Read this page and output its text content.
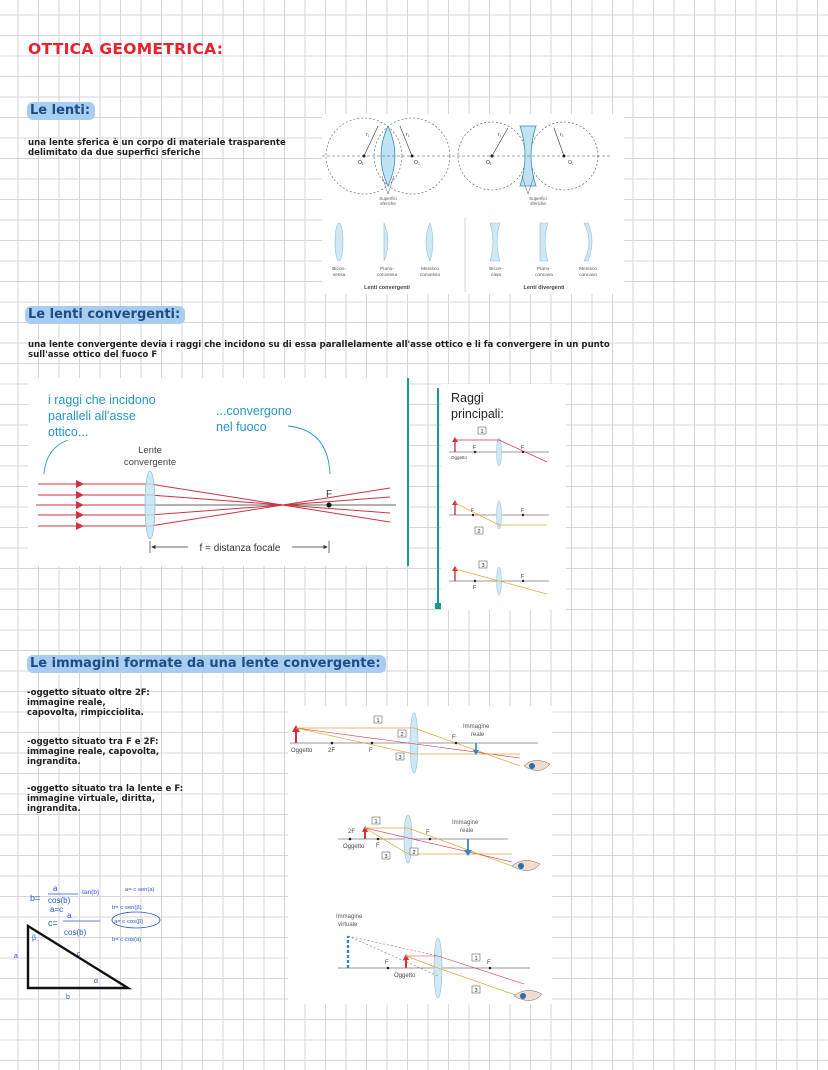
OTTICA GEOMETRICA:
Le lenti:
una lente sferica è un corpo di materiale trasparente delimitato da due superfici sferiche
r₁	r₂
O₁	O₂
Superfici
sferiche
r₁	r₂
O₁	O₂
Superfici
sferiche
Bicon-
vessa
Piano-
convessa
Menisco
convesso
Bicon-
cava
Piano-
concava
Menisco
concavo
Lenti convergenti	Lenti divergenti
Le lenti convergenti:
una lente convergente devia i raggi che incidono su di essa parallelamente all'asse ottico e li fa convergere in un punto sull'asse ottico del fuoco F
i raggi che incidono
paralleli all'asse
ottico...
...convergono
nel fuoco
Lente
convergente
F
f = distanza focale
Raggi
principali:
1
F	F
Oggetto
2
F	F
3
F
F
Le immagini formate da una lente convergente:
-oggetto situato oltre 2F:
immagine reale,
capovolta, rimpicciolita.
-oggetto situato tra F e 2F:
immagine reale, capovolta,
ingrandita.
-oggetto situato tra la lente e F:
immagine virtuale, diritta,
ingrandita.
Oggetto	2F	F
F
Immagine
reale
1
2
3
2F
F
Oggetto
F
Immagine
reale
1
2
3
F	F
Oggetto
Immagine
virtuale
1
3
b=
a
cos(b)
·tan(b)
a=c
c=
a
cos(b)
a= c·sen(a)
b= c·sen(β)
a= c·cos(β)
b= c·cos(a)
a
b
c
α
β
